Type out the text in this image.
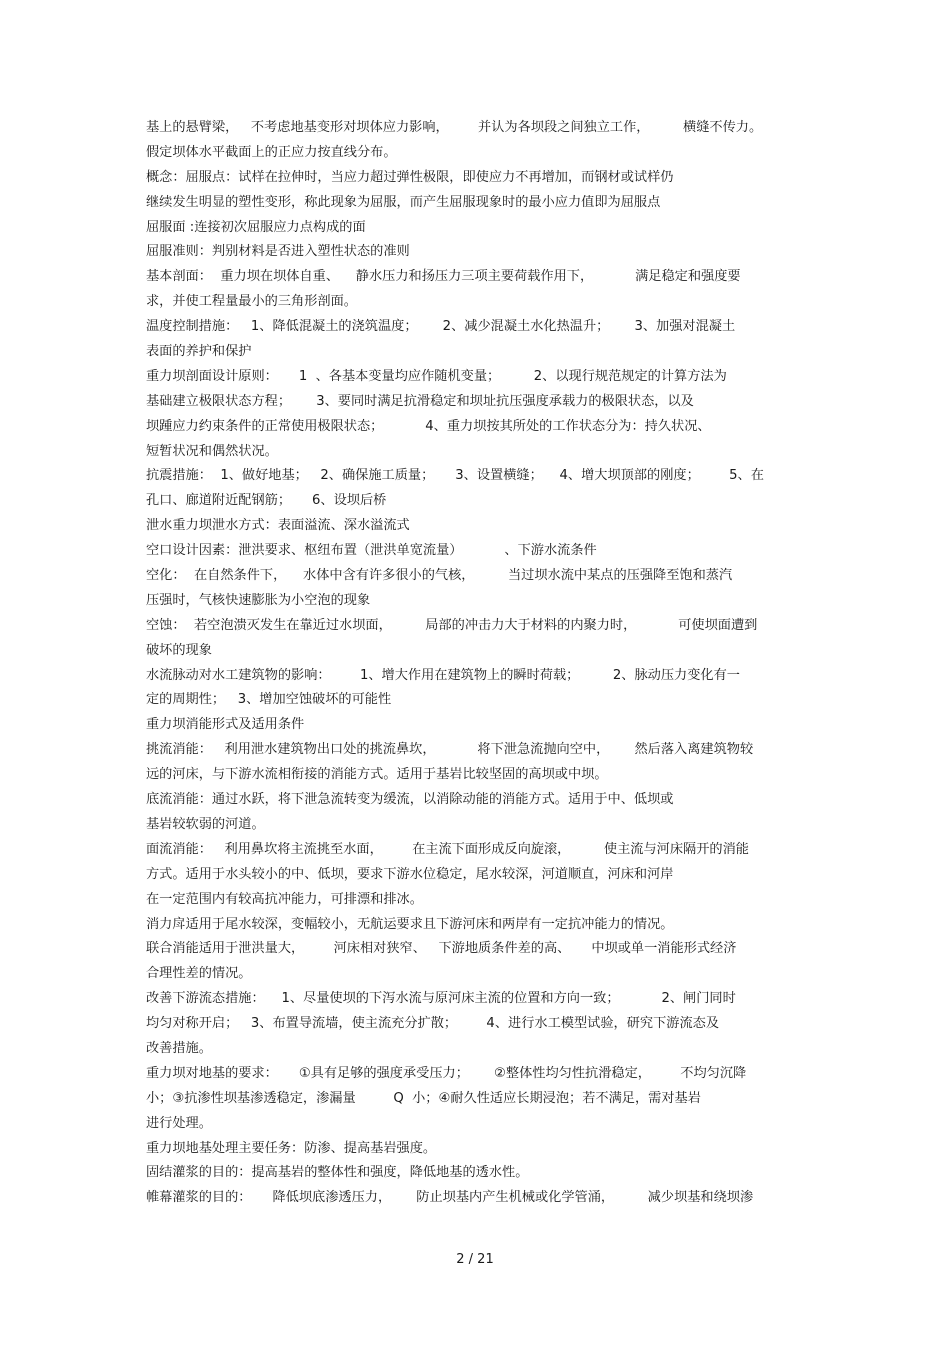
基上的悬臂梁，   不考虑地基变形对坝体应力影响，       并认为各坝段之间独立工作，        横缝不传力。
假定坝体水平截面上的正应力按直线分布。
概念：屈服点：试样在拉伸时，当应力超过弹性极限，即使应力不再增加，而钢材或试样仍
继续发生明显的塑性变形，称此现象为屈服，而产生屈服现象时的最小应力值即为屈服点
屈服面 :连接初次屈服应力点构成的面
屈服准则：判别材料是否进入塑性状态的准则
基本剖面：  重力坝在坝体自重、    静水压力和扬压力三项主要荷载作用下，          满足稳定和强度要
求，并使工程量最小的三角形剖面。
温度控制措施：   1、降低混凝土的浇筑温度；      2、减少混凝土水化热温升；      3、加强对混凝土
表面的养护和保护
重力坝剖面设计原则：     1  、各基本变量均应作随机变量；        2、以现行规范规定的计算方法为
基础建立极限状态方程；      3、要同时满足抗滑稳定和坝址抗压强度承载力的极限状态，以及
坝踵应力约束条件的正常使用极限状态；          4、重力坝按其所处的工作状态分为：持久状况、
短暂状况和偶然状况。
抗震措施：  1、做好地基；   2、确保施工质量；     3、设置横缝；    4、增大坝顶部的刚度；       5、在
孔口、廊道附近配钢筋；     6、设坝后桥
泄水重力坝泄水方式：表面溢流、深水溢流式
空口设计因素：泄洪要求、枢纽布置（泄洪单宽流量）          、下游水流条件
空化：  在自然条件下，    水体中含有许多很小的气核，        当过坝水流中某点的压强降至饱和蒸汽
压强时，气核快速膨胀为小空泡的现象
空蚀：  若空泡溃灭发生在靠近过水坝面，        局部的冲击力大于材料的内聚力时，          可使坝面遭到
破坏的现象
水流脉动对水工建筑物的影响：       1、增大作用在建筑物上的瞬时荷载；        2、脉动压力变化有一
定的周期性；   3、增加空蚀破坏的可能性
重力坝消能形式及适用条件
挑流消能：   利用泄水建筑物出口处的挑流鼻坎，          将下泄急流抛向空中，      然后落入离建筑物较
远的河床，与下游水流相衔接的消能方式。适用于基岩比较坚固的高坝或中坝。
底流消能：通过水跃，将下泄急流转变为缓流，以消除动能的消能方式。适用于中、低坝或
基岩较软弱的河道。
面流消能：   利用鼻坎将主流挑至水面，       在主流下面形成反向旋滚，        使主流与河床隔开的消能
方式。适用于水头较小的中、低坝，要求下游水位稳定，尾水较深，河道顺直，河床和河岸
在一定范围内有较高抗冲能力，可排漂和排冰。
消力戽适用于尾水较深，变幅较小，无航运要求且下游河床和两岸有一定抗冲能力的情况。
联合消能适用于泄洪量大，       河床相对狭窄、   下游地质条件差的高、     中坝或单一消能形式经济
合理性差的情况。
改善下游流态措施：    1、尽量使坝的下泻水流与原河床主流的位置和方向一致；          2、闸门同时
均匀对称开启；   3、布置导流墙，使主流充分扩散；       4、进行水工模型试验，研究下游流态及
改善措施。
重力坝对地基的要求：     ①具有足够的强度承受压力；      ②整体性均匀性抗滑稳定，       不均匀沉降
小；③抗渗性坝基渗透稳定，渗漏量         Q  小；④耐久性适应长期浸泡；若不满足，需对基岩
进行处理。
重力坝地基处理主要任务：防渗、提高基岩强度。
固结灌浆的目的：提高基岩的整体性和强度，降低地基的透水性。
帷幕灌浆的目的：     降低坝底渗透压力，      防止坝基内产生机械或化学管涌，        减少坝基和绕坝渗
2 / 21
